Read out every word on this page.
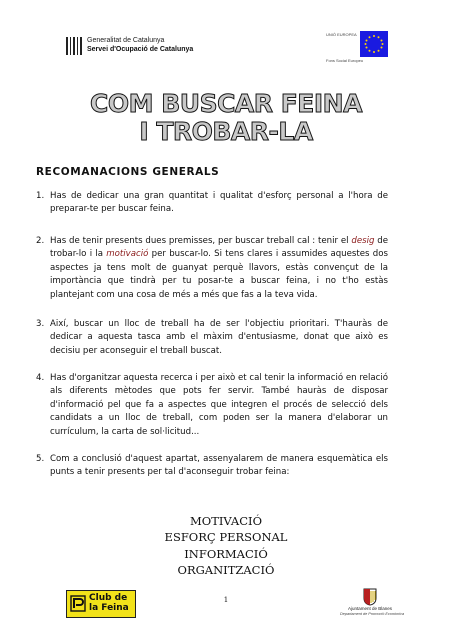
Generalitat de Catalunya
Servei d'Ocupació de Catalunya
UNIÓ EUROPEA
Fons Social Europeu
COM BUSCAR FEINA
I TROBAR-LA
RECOMANACIONS GENERALS
1. Has de dedicar una gran quantitat i qualitat d'esforç personal a l'hora de preparar-te per buscar feina.
2. Has de tenir presents dues premisses, per buscar treball cal : tenir el desig de trobar-lo i la motivació per buscar-lo. Si tens clares i assumides aquestes dos aspectes ja tens molt de guanyat perquè llavors, estàs convençut de la importància que tindrà per tu posar-te a buscar feina, i no t'ho estàs plantejant com una cosa de més a més que fas a la teva vida.
3. Així, buscar un lloc de treball ha de ser l'objectiu prioritari. T'hauràs de dedicar a aquesta tasca amb el màxim d'entusiasme, donat que això es decisiu per aconseguir el treball buscat.
4. Has d'organitzar aquesta recerca i per això et cal tenir la informació en relació als diferents mètodes que pots fer servir. També hauràs de disposar d'informació pel que fa a aspectes que integren el procés de selecció dels candidats a un lloc de treball, com poden ser la manera d'elaborar un currículum, la carta de sol·licitud...
5. Com a conclusió d'aquest apartat, assenyalarem de manera esquemàtica els punts a tenir presents per tal d'aconseguir trobar feina:
MOTIVACIÓ
ESFORÇ PERSONAL
INFORMACIÓ
ORGANITZACIÓ
1
Club de
la Feina	Ajuntament de Blanes
Departament de Promoció Econòmica
